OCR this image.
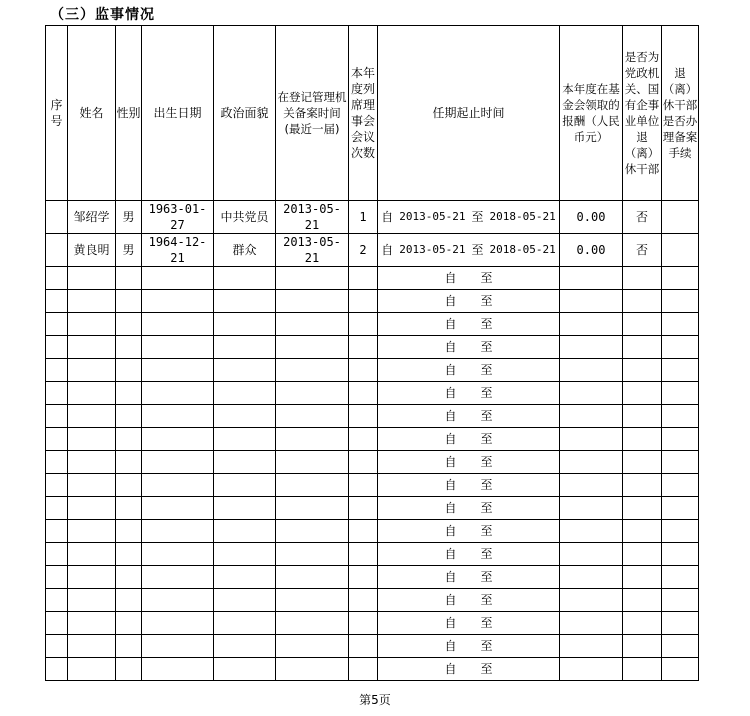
（三）监事情况
序号	姓名	性别	出生日期	政治面貌	在登记管理机关备案时间(最近一届)	本年度列席理事会会议次数	任期起止时间	本年度在基金会领取的报酬（人民币元）	是否为党政机关、国有企事业单位退（离）休干部	退（离）休干部是否办理备案手续
	邹绍学	男	1963-01-27	中共党员	2013-05-21	1	自 2013-05-21 至 2018-05-21	0.00	否	
	黄良明	男	1964-12-21	群众	2013-05-21	2	自 2013-05-21 至 2018-05-21	0.00	否	

							自 至			

							自 至			

							自 至			

							自 至			

							自 至			

							自 至			

							自 至			

							自 至			

							自 至			

							自 至			

							自 至			

							自 至			

							自 至			

							自 至			

							自 至			

							自 至			

							自 至			

							自 至			

第5页
